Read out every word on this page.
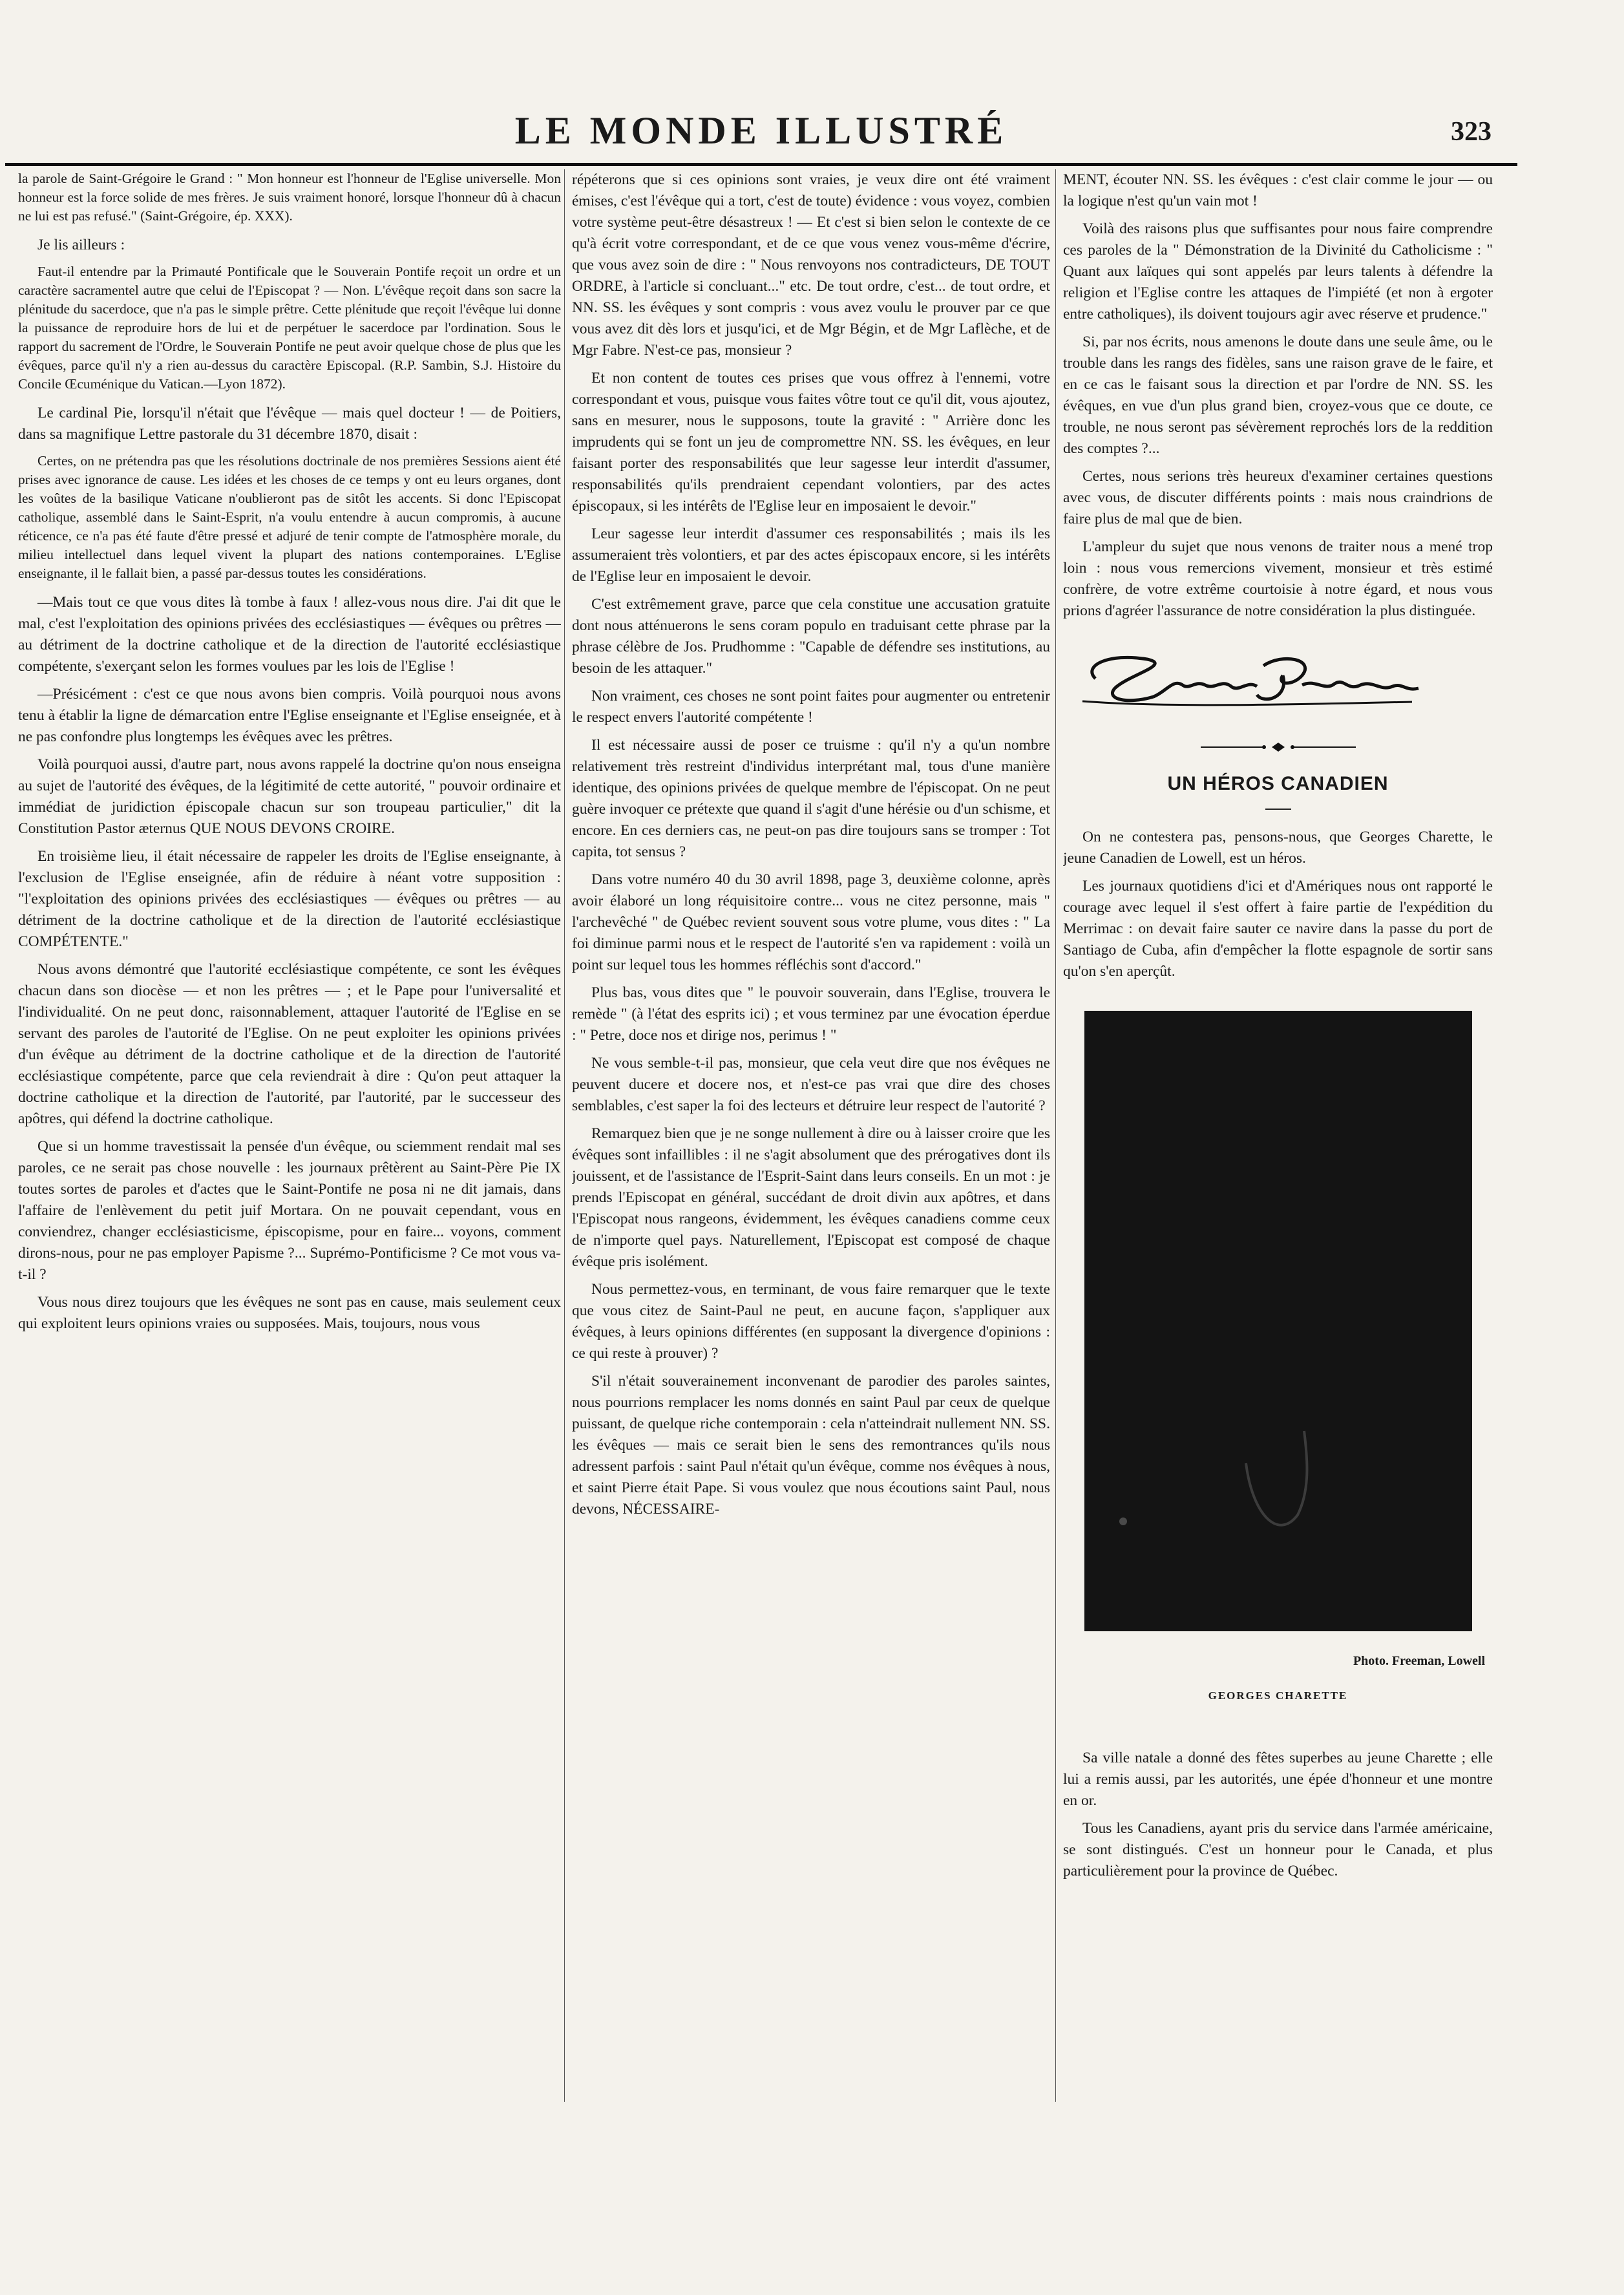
LE MONDE ILLUSTRÉ	323

la parole de Saint-Grégoire le Grand : " Mon honneur est l'honneur de l'Eglise universelle. Mon honneur est la force solide de mes frères. Je suis vraiment honoré, lorsque l'honneur dû à chacun ne lui est pas refusé." (Saint-Grégoire, ép. XXX).

Je lis ailleurs :

Faut-il entendre par la Primauté Pontificale que le Souverain Pontife reçoit un ordre et un caractère sacramentel autre que celui de l'Episcopat ? — Non. L'évêque reçoit dans son sacre la plénitude du sacerdoce, que n'a pas le simple prêtre. Cette plénitude que reçoit l'évêque lui donne la puissance de reproduire hors de lui et de perpétuer le sacerdoce par l'ordination. Sous le rapport du sacrement de l'Ordre, le Souverain Pontife ne peut avoir quelque chose de plus que les évêques, parce qu'il n'y a rien au-dessus du caractère Episcopal. (R.P. Sambin, S.J. Histoire du Concile Œcuménique du Vatican.—Lyon 1872).

Le cardinal Pie, lorsqu'il n'était que l'évêque — mais quel docteur ! — de Poitiers, dans sa magnifique Lettre pastorale du 31 décembre 1870, disait :

Certes, on ne prétendra pas que les résolutions doctrinale de nos premières Sessions aient été prises avec ignorance de cause. Les idées et les choses de ce temps y ont eu leurs organes, dont les voûtes de la basilique Vaticane n'oublieront pas de sitôt les accents. Si donc l'Episcopat catholique, assemblé dans le Saint-Esprit, n'a voulu entendre à aucun compromis, à aucune réticence, ce n'a pas été faute d'être pressé et adjuré de tenir compte de l'atmosphère morale, du milieu intellectuel dans lequel vivent la plupart des nations contemporaines. L'Eglise enseignante, il le fallait bien, a passé par-dessus toutes les considérations.

—Mais tout ce que vous dites là tombe à faux ! allez-vous nous dire. J'ai dit que le mal, c'est l'exploitation des opinions privées des ecclésiastiques — évêques ou prêtres — au détriment de la doctrine catholique et de la direction de l'autorité ecclésiastique compétente, s'exerçant selon les formes voulues par les lois de l'Eglise !

—Présicément : c'est ce que nous avons bien compris. Voilà pourquoi nous avons tenu à établir la ligne de démarcation entre l'Eglise enseignante et l'Eglise enseignée, et à ne pas confondre plus longtemps les évêques avec les prêtres.

Voilà pourquoi aussi, d'autre part, nous avons rappelé la doctrine qu'on nous enseigna au sujet de l'autorité des évêques, de la légitimité de cette autorité, " pouvoir ordinaire et immédiat de juridiction épiscopale chacun sur son troupeau particulier," dit la Constitution Pastor æternus QUE NOUS DEVONS CROIRE.

En troisième lieu, il était nécessaire de rappeler les droits de l'Eglise enseignante, à l'exclusion de l'Eglise enseignée, afin de réduire à néant votre supposition : "l'exploitation des opinions privées des ecclésiastiques — évêques ou prêtres — au détriment de la doctrine catholique et de la direction de l'autorité ecclésiastique COMPÉTENTE."

Nous avons démontré que l'autorité ecclésiastique compétente, ce sont les évêques chacun dans son diocèse — et non les prêtres — ; et le Pape pour l'universalité et l'individualité. On ne peut donc, raisonnablement, attaquer l'autorité de l'Eglise en se servant des paroles de l'autorité de l'Eglise. On ne peut exploiter les opinions privées d'un évêque au détriment de la doctrine catholique et de la direction de l'autorité ecclésiastique compétente, parce que cela reviendrait à dire : Qu'on peut attaquer la doctrine catholique et la direction de l'autorité, par l'autorité, par le successeur des apôtres, qui défend la doctrine catholique.

Que si un homme travestissait la pensée d'un évêque, ou sciemment rendait mal ses paroles, ce ne serait pas chose nouvelle : les journaux prêtèrent au Saint-Père Pie IX toutes sortes de paroles et d'actes que le Saint-Pontife ne posa ni ne dit jamais, dans l'affaire de l'enlèvement du petit juif Mortara. On ne pouvait cependant, vous en conviendrez, changer ecclésiasticisme, épiscopisme, pour en faire... voyons, comment dirons-nous, pour ne pas employer Papisme ?... Suprémo-Pontificisme ? Ce mot vous va-t-il ?

Vous nous direz toujours que les évêques ne sont pas en cause, mais seulement ceux qui exploitent leurs opinions vraies ou supposées. Mais, toujours, nous vous

répéterons que si ces opinions sont vraies, je veux dire ont été vraiment émises, c'est l'évêque qui a tort, c'est de toute) évidence : vous voyez, combien votre système peut-être désastreux ! — Et c'est si bien selon le contexte de ce qu'à écrit votre correspondant, et de ce que vous venez vous-même d'écrire, que vous avez soin de dire : " Nous renvoyons nos contradicteurs, DE TOUT ORDRE, à l'article si concluant..." etc. De tout ordre, c'est... de tout ordre, et NN. SS. les évêques y sont compris : vous avez voulu le prouver par ce que vous avez dit dès lors et jusqu'ici, et de Mgr Bégin, et de Mgr Laflèche, et de Mgr Fabre. N'est-ce pas, monsieur ?

Et non content de toutes ces prises que vous offrez à l'ennemi, votre correspondant et vous, puisque vous faites vôtre tout ce qu'il dit, vous ajoutez, sans en mesurer, nous le supposons, toute la gravité : " Arrière donc les imprudents qui se font un jeu de compromettre NN. SS. les évêques, en leur faisant porter des responsabilités que leur sagesse leur interdit d'assumer, responsabilités qu'ils prendraient cependant volontiers, par des actes épiscopaux, si les intérêts de l'Eglise leur en imposaient le devoir."

Leur sagesse leur interdit d'assumer ces responsabilités ; mais ils les assumeraient très volontiers, et par des actes épiscopaux encore, si les intérêts de l'Eglise leur en imposaient le devoir.

C'est extrêmement grave, parce que cela constitue une accusation gratuite dont nous atténuerons le sens coram populo en traduisant cette phrase par la phrase célèbre de Jos. Prudhomme : "Capable de défendre ses institutions, au besoin de les attaquer."

Non vraiment, ces choses ne sont point faites pour augmenter ou entretenir le respect envers l'autorité compétente !

Il est nécessaire aussi de poser ce truisme : qu'il n'y a qu'un nombre relativement très restreint d'individus interprétant mal, tous d'une manière identique, des opinions privées de quelque membre de l'épiscopat. On ne peut guère invoquer ce prétexte que quand il s'agit d'une hérésie ou d'un schisme, et encore. En ces derniers cas, ne peut-on pas dire toujours sans se tromper : Tot capita, tot sensus ?

Dans votre numéro 40 du 30 avril 1898, page 3, deuxième colonne, après avoir élaboré un long réquisitoire contre... vous ne citez personne, mais " l'archevêché " de Québec revient souvent sous votre plume, vous dites : " La foi diminue parmi nous et le respect de l'autorité s'en va rapidement : voilà un point sur lequel tous les hommes réfléchis sont d'accord."

Plus bas, vous dites que " le pouvoir souverain, dans l'Eglise, trouvera le remède " (à l'état des esprits ici) ; et vous terminez par une évocation éperdue : " Petre, doce nos et dirige nos, perimus ! "

Ne vous semble-t-il pas, monsieur, que cela veut dire que nos évêques ne peuvent ducere et docere nos, et n'est-ce pas vrai que dire des choses semblables, c'est saper la foi des lecteurs et détruire leur respect de l'autorité ?

Remarquez bien que je ne songe nullement à dire ou à laisser croire que les évêques sont infaillibles : il ne s'agit absolument que des prérogatives dont ils jouissent, et de l'assistance de l'Esprit-Saint dans leurs conseils. En un mot : je prends l'Episcopat en général, succédant de droit divin aux apôtres, et dans l'Episcopat nous rangeons, évidemment, les évêques canadiens comme ceux de n'importe quel pays. Naturellement, l'Episcopat est composé de chaque évêque pris isolément.

Nous permettez-vous, en terminant, de vous faire remarquer que le texte que vous citez de Saint-Paul ne peut, en aucune façon, s'appliquer aux évêques, à leurs opinions différentes (en supposant la divergence d'opinions : ce qui reste à prouver) ?

S'il n'était souverainement inconvenant de parodier des paroles saintes, nous pourrions remplacer les noms donnés en saint Paul par ceux de quelque puissant, de quelque riche contemporain : cela n'atteindrait nullement NN. SS. les évêques — mais ce serait bien le sens des remontrances qu'ils nous adressent parfois : saint Paul n'était qu'un évêque, comme nos évêques à nous, et saint Pierre était Pape. Si vous voulez que nous écoutions saint Paul, nous devons, NÉCESSAIRE-

MENT, écouter NN. SS. les évêques : c'est clair comme le jour — ou la logique n'est qu'un vain mot !

Voilà des raisons plus que suffisantes pour nous faire comprendre ces paroles de la " Démonstration de la Divinité du Catholicisme : " Quant aux laïques qui sont appelés par leurs talents à défendre la religion et l'Eglise contre les attaques de l'impiété (et non à ergoter entre catholiques), ils doivent toujours agir avec réserve et prudence."

Si, par nos écrits, nous amenons le doute dans une seule âme, ou le trouble dans les rangs des fidèles, sans une raison grave de le faire, et en ce cas le faisant sous la direction et par l'ordre de NN. SS. les évêques, en vue d'un plus grand bien, croyez-vous que ce doute, ce trouble, ne nous seront pas sévèrement reprochés lors de la reddition des comptes ?...

Certes, nous serions très heureux d'examiner certaines questions avec vous, de discuter différents points : mais nous craindrions de faire plus de mal que de bien.

L'ampleur du sujet que nous venons de traiter nous a mené trop loin : nous vous remercions vivement, monsieur et très estimé confrère, de votre extrême courtoisie à notre égard, et nous vous prions d'agréer l'assurance de notre considération la plus distinguée.

UN HÉROS CANADIEN

On ne contestera pas, pensons-nous, que Georges Charette, le jeune Canadien de Lowell, est un héros.

Les journaux quotidiens d'ici et d'Amériques nous ont rapporté le courage avec lequel il s'est offert à faire partie de l'expédition du Merrimac : on devait faire sauter ce navire dans la passe du port de Santiago de Cuba, afin d'empêcher la flotte espagnole de sortir sans qu'on s'en aperçût.

Photo. Freeman, Lowell
GEORGES CHARETTE

Sa ville natale a donné des fêtes superbes au jeune Charette ; elle lui a remis aussi, par les autorités, une épée d'honneur et une montre en or.

Tous les Canadiens, ayant pris du service dans l'armée américaine, se sont distingués. C'est un honneur pour le Canada, et plus particulièrement pour la province de Québec.
